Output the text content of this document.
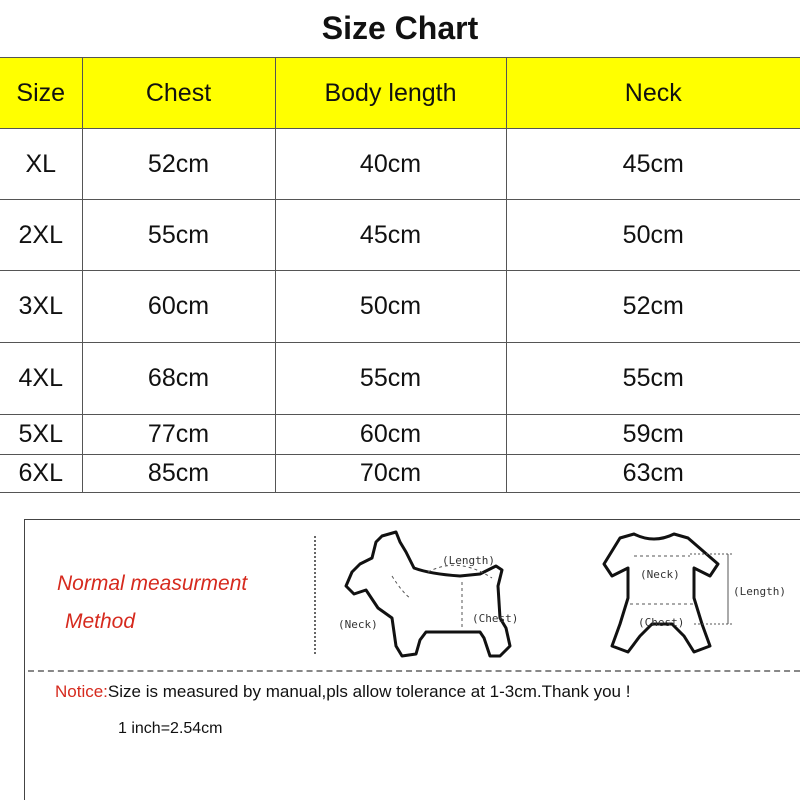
Size Chart
Size	Chest	Body length	Neck
XL	52cm	40cm	45cm
2XL	55cm	45cm	50cm
3XL	60cm	50cm	52cm
4XL	68cm	55cm	55cm
5XL	77cm	60cm	59cm
6XL	85cm	70cm	63cm
Normal measurment
Method
(Length)
(Neck)	(Chest)
(Neck)
(Chest)
(Length)
Notice:Size is measured by manual,pls allow tolerance at 1-3cm.Thank you !
1 inch=2.54cm
